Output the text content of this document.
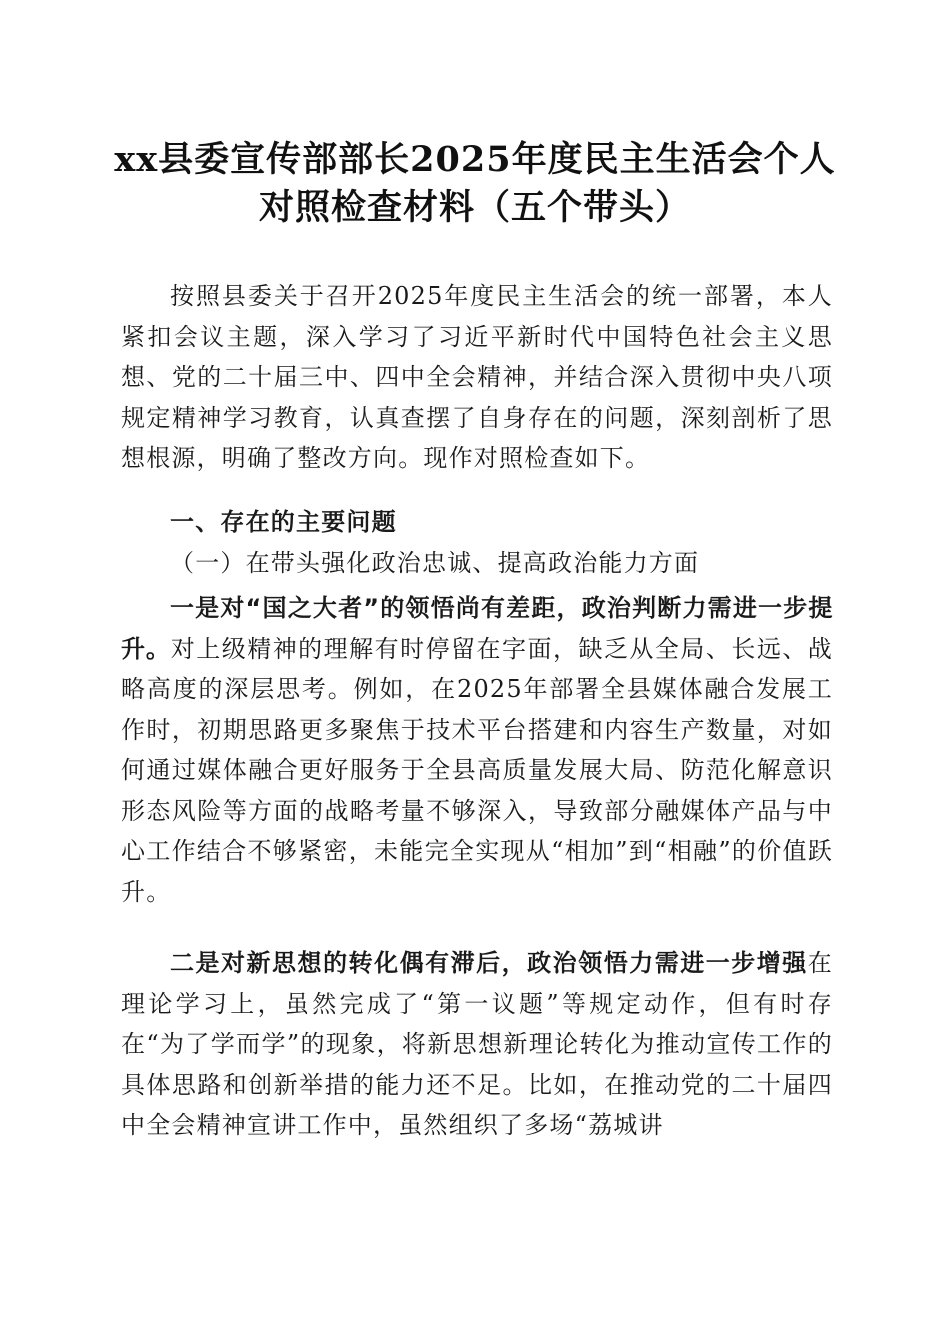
xx县委宣传部部长2025年度民主生活会个人
对照检查材料（五个带头）
按照县委关于召开2025年度民主生活会的统一部署，本人紧扣会议主题，深入学习了习近平新时代中国特色社会主义思想、党的二十届三中、四中全会精神，并结合深入贯彻中央八项规定精神学习教育，认真查摆了自身存在的问题，深刻剖析了思想根源，明确了整改方向。现作对照检查如下。
一、存在的主要问题
（一）在带头强化政治忠诚、提高政治能力方面
一是对“国之大者”的领悟尚有差距，政治判断力需进一步提升。对上级精神的理解有时停留在字面，缺乏从全局、长远、战略高度的深层思考。例如，在2025年部署全县媒体融合发展工作时，初期思路更多聚焦于技术平台搭建和内容生产数量，对如何通过媒体融合更好服务于全县高质量发展大局、防范化解意识形态风险等方面的战略考量不够深入，导致部分融媒体产品与中心工作结合不够紧密，未能完全实现从“相加”到“相融”的价值跃升。
二是对新思想的转化偶有滞后，政治领悟力需进一步增强在理论学习上，虽然完成了“第一议题”等规定动作，但有时存在“为了学而学”的现象，将新思想新理论转化为推动宣传工作的具体思路和创新举措的能力还不足。比如，在推动党的二十届四中全会精神宣讲工作中，虽然组织了多场“荔城讲
